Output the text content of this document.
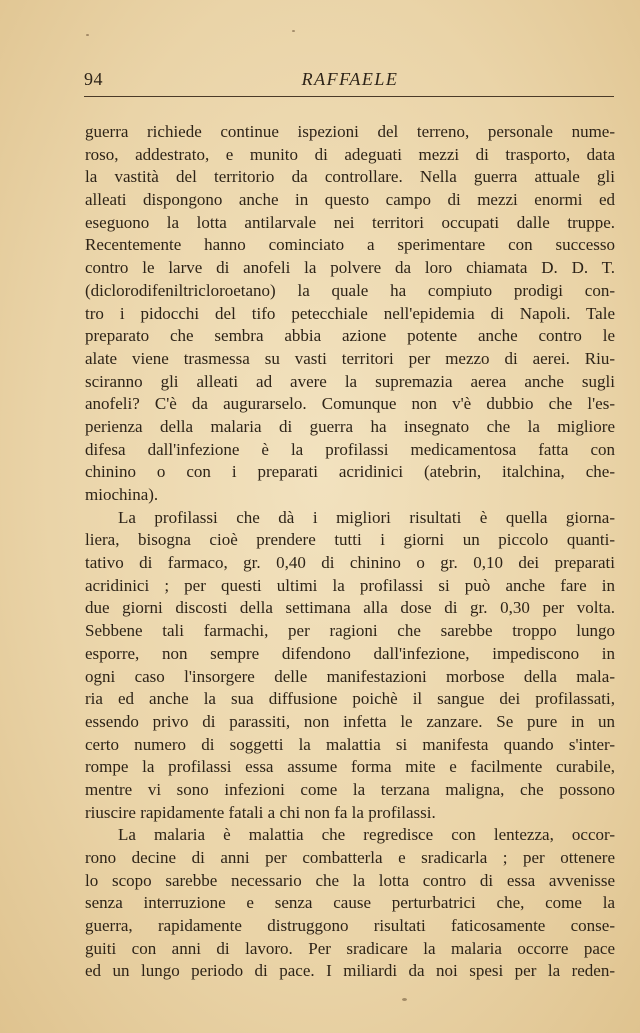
94	RAFFAELE
guerra richiede continue ispezioni del terreno, personale nume-
roso, addestrato, e munito di adeguati mezzi di trasporto, data
la vastità del territorio da controllare. Nella guerra attuale gli
alleati dispongono anche in questo campo di mezzi enormi ed
eseguono la lotta antilarvale nei territori occupati dalle truppe.
Recentemente hanno cominciato a sperimentare con successo
contro le larve di anofeli la polvere da loro chiamata D. D. T.
(diclorodifeniltricloroetano) la quale ha compiuto prodigi con-
tro i pidocchi del tifo petecchiale nell'epidemia di Napoli. Tale
preparato che sembra abbia azione potente anche contro le
alate viene trasmessa su vasti territori per mezzo di aerei. Riu-
sciranno gli alleati ad avere la supremazia aerea anche sugli
anofeli? C'è da augurarselo. Comunque non v'è dubbio che l'es-
perienza della malaria di guerra ha insegnato che la migliore
difesa dall'infezione è la profilassi medicamentosa fatta con
chinino o con i preparati acridinici (atebrin, italchina, che-
miochina).
La profilassi che dà i migliori risultati è quella giorna-
liera, bisogna cioè prendere tutti i giorni un piccolo quanti-
tativo di farmaco, gr. 0,40 di chinino o gr. 0,10 dei preparati
acridinici ; per questi ultimi la profilassi si può anche fare in
due giorni discosti della settimana alla dose di gr. 0,30 per volta.
Sebbene tali farmachi, per ragioni che sarebbe troppo lungo
esporre, non sempre difendono dall'infezione, impediscono in
ogni caso l'insorgere delle manifestazioni morbose della mala-
ria ed anche la sua diffusione poichè il sangue dei profilassati,
essendo privo di parassiti, non infetta le zanzare. Se pure in un
certo numero di soggetti la malattia si manifesta quando s'inter-
rompe la profilassi essa assume forma mite e facilmente curabile,
mentre vi sono infezioni come la terzana maligna, che possono
riuscire rapidamente fatali a chi non fa la profilassi.
La malaria è malattia che regredisce con lentezza, occor-
rono decine di anni per combatterla e sradicarla ; per ottenere
lo scopo sarebbe necessario che la lotta contro di essa avvenisse
senza interruzione e senza cause perturbatrici che, come la
guerra, rapidamente distruggono risultati faticosamente conse-
guiti con anni di lavoro. Per sradicare la malaria occorre pace
ed un lungo periodo di pace. I miliardi da noi spesi per la reden-
